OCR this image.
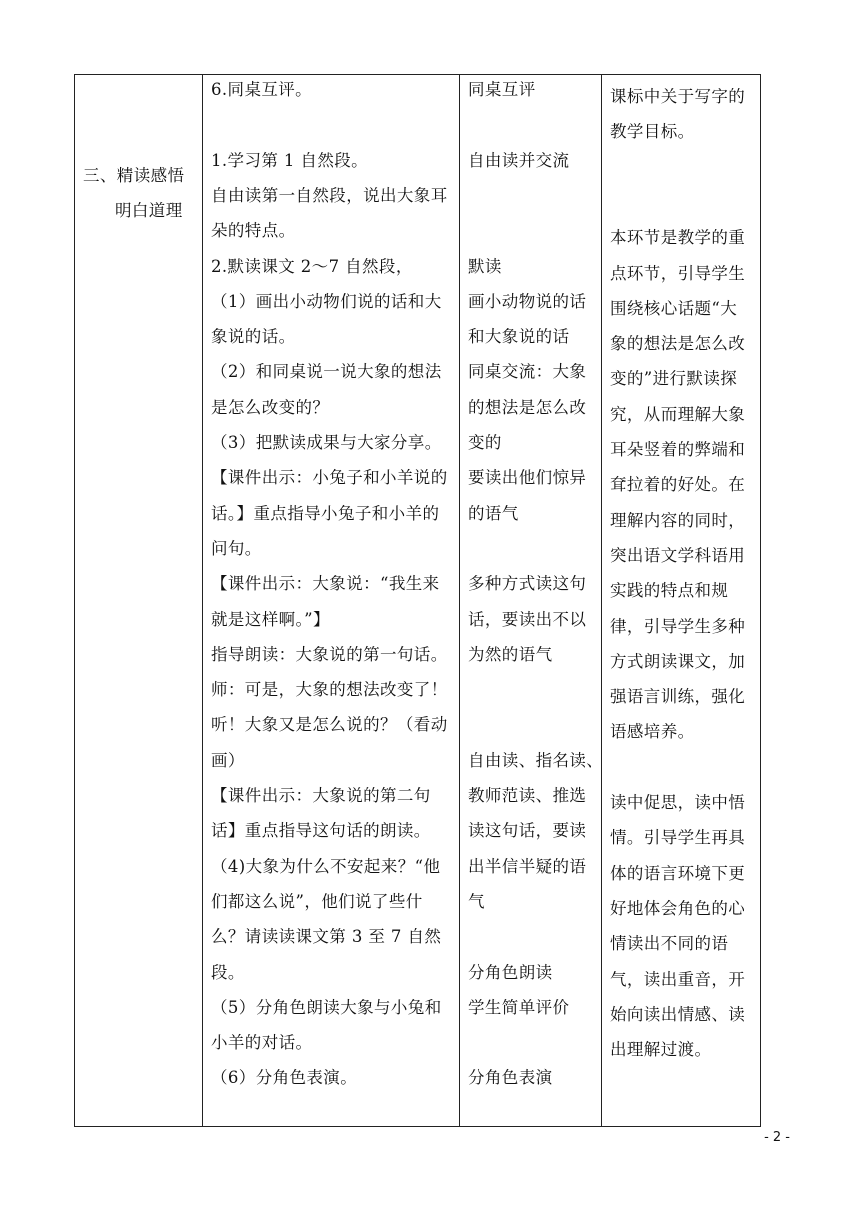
三、精读感悟
明白道理
6.同桌互评。
1.学习第 1 自然段。
自由读第一自然段，说出大象耳
朵的特点。
2.默读课文 2～7 自然段，
（1）画出小动物们说的话和大
象说的话。
（2）和同桌说一说大象的想法
是怎么改变的？
（3）把默读成果与大家分享。
【课件出示：小兔子和小羊说的
话。】重点指导小兔子和小羊的
问句。
【课件出示：大象说：“我生来
就是这样啊。”】
指导朗读：大象说的第一句话。
师：可是，大象的想法改变了！
听！大象又是怎么说的？（看动
画）
【课件出示：大象说的第二句
话】重点指导这句话的朗读。
（4)大象为什么不安起来？“他
们都这么说”，他们说了些什
么？请读读课文第 3 至 7 自然
段。
（5）分角色朗读大象与小兔和
小羊的对话。
（6）分角色表演。
同桌互评
自由读并交流
默读
画小动物说的话
和大象说的话
同桌交流：大象
的想法是怎么改
变的
要读出他们惊异
的语气
多种方式读这句
话，要读出不以
为然的语气
自由读、指名读、
教师范读、推选
读这句话，要读
出半信半疑的语
气
分角色朗读
学生简单评价
分角色表演
课标中关于写字的
教学目标。
本环节是教学的重
点环节，引导学生
围绕核心话题“大
象的想法是怎么改
变的”进行默读探
究，从而理解大象
耳朵竖着的弊端和
耷拉着的好处。在
理解内容的同时，
突出语文学科语用
实践的特点和规
律，引导学生多种
方式朗读课文，加
强语言训练，强化
语感培养。
读中促思，读中悟
情。引导学生再具
体的语言环境下更
好地体会角色的心
情读出不同的语
气，读出重音，开
始向读出情感、读
出理解过渡。
- 2 -
